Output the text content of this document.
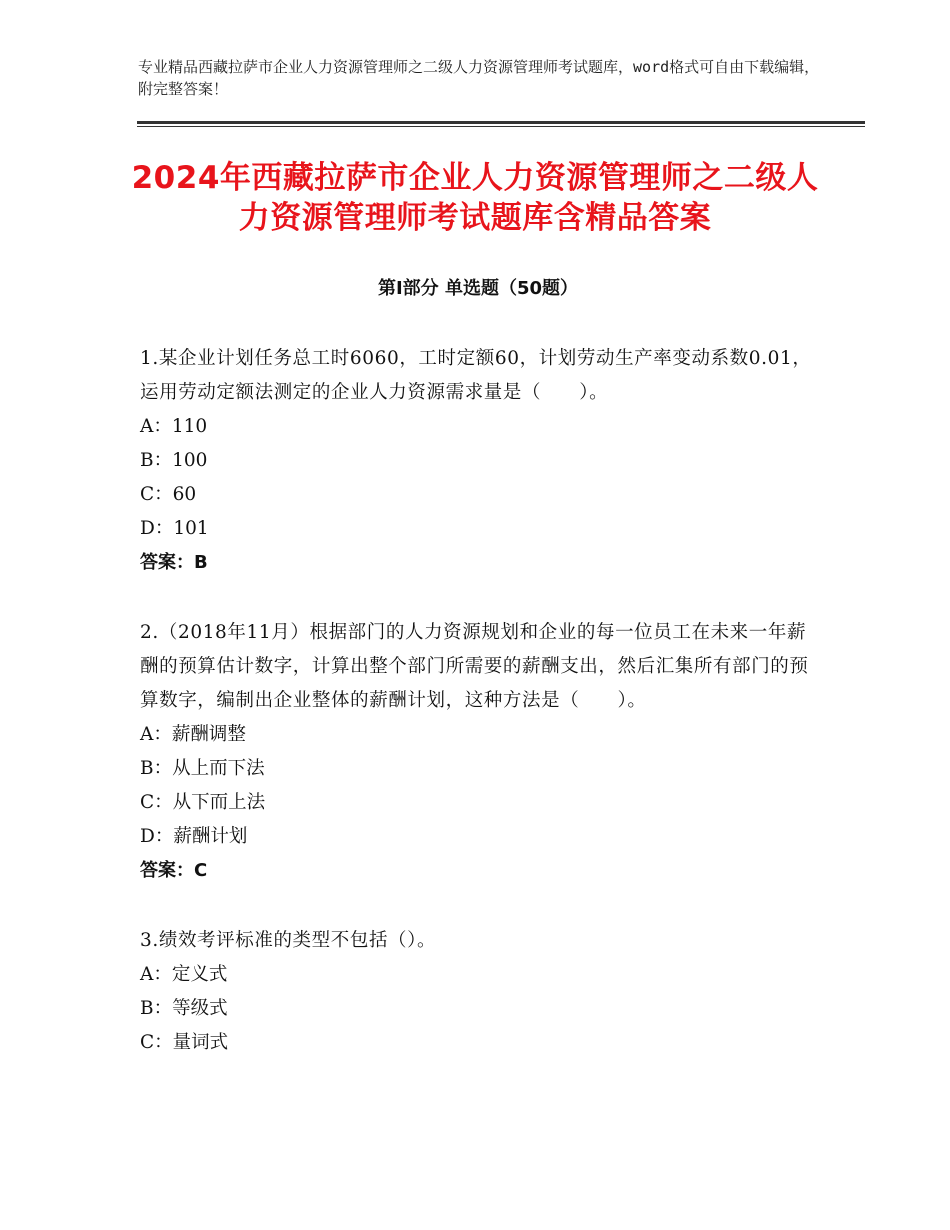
专业精品西藏拉萨市企业人力资源管理师之二级人力资源管理师考试题库，word格式可自由下载编辑，附完整答案！
2024年西藏拉萨市企业人力资源管理师之二级人力资源管理师考试题库含精品答案
第Ⅰ部分 单选题（50题）

1.某企业计划任务总工时6060，工时定额60，计划劳动生产率变动系数0.01，运用劳动定额法测定的企业人力资源需求量是（　　）。

A：110

B：100

C：60

D：101

答案：B

2.（2018年11月）根据部门的人力资源规划和企业的每一位员工在未来一年薪酬的预算估计数字，计算出整个部门所需要的薪酬支出，然后汇集所有部门的预算数字，编制出企业整体的薪酬计划，这种方法是（　　）。

A：薪酬调整

B：从上而下法

C：从下而上法

D：薪酬计划

答案：C

3.绩效考评标准的类型不包括（）。

A：定义式

B：等级式

C：量词式
